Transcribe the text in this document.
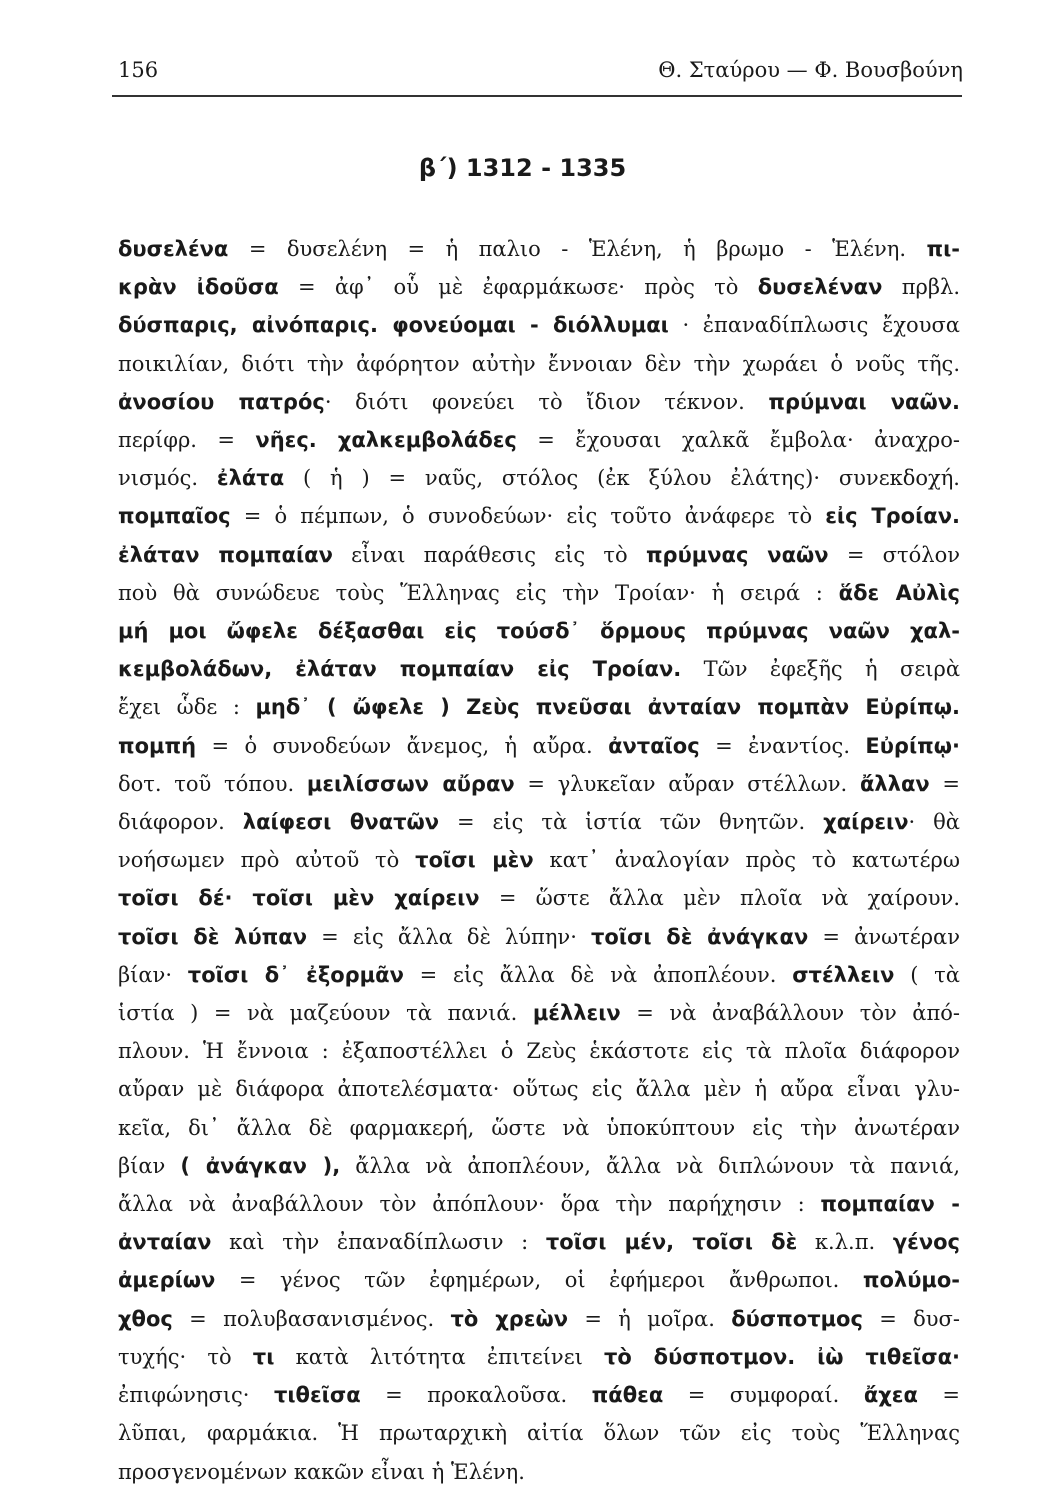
156	Θ. Σταύρου — Φ. Βουσβούνη
β΄) 1312 - 1335
δυσελένα = δυσελένη = ἡ παλιο - Ἑλένη, ἡ βρωμο - Ἑλένη. πι-
κρὰν ἰδοῦσα = ἀφ᾽ οὗ μὲ ἐφαρμάκωσε· πρὸς τὸ δυσελέναν πρβλ.
δύσπαρις, αἰνόπαρις. φονεύομαι - διόλλυμαι · ἐπαναδίπλωσις ἔχουσα
ποικιλίαν, διότι τὴν ἀφόρητον αὐτὴν ἔννοιαν δὲν τὴν χωράει ὁ νοῦς τῆς.
ἀνοσίου πατρός· διότι φονεύει τὸ ἴδιον τέκνον. πρύμναι ναῶν.
περίφρ. = νῆες. χαλκεμβολάδες = ἔχουσαι χαλκᾶ ἔμβολα· ἀναχρο-
νισμός. ἐλάτα ( ἡ ) = ναῦς, στόλος (ἐκ ξύλου ἐλάτης)· συνεκδοχή.
πομπαῖος = ὁ πέμπων, ὁ συνοδεύων· εἰς τοῦτο ἀνάφερε τὸ εἰς Τροίαν.
ἐλάταν πομπαίαν εἶναι παράθεσις εἰς τὸ πρύμνας ναῶν = στόλον
ποὺ θὰ συνώδευε τοὺς Ἕλληνας εἰς τὴν Τροίαν· ἡ σειρά : ἅδε Αὐλὶς
μή μοι ὤφελε δέξασθαι εἰς τούσδ᾽ ὅρμους πρύμνας ναῶν χαλ-
κεμβολάδων, ἐλάταν πομπαίαν εἰς Τροίαν. Τῶν ἐφεξῆς ἡ σειρὰ
ἔχει ὧδε : μηδ᾽ ( ὤφελε ) Ζεὺς πνεῦσαι ἀνταίαν πομπὰν Εὐρίπῳ.
πομπή = ὁ συνοδεύων ἄνεμος, ἡ αὔρα. ἀνταῖος = ἐναντίος. Εὐρίπῳ·
δοτ. τοῦ τόπου. μειλίσσων αὔραν = γλυκεῖαν αὔραν στέλλων. ἄλλαν =
διάφορον. λαίφεσι θνατῶν = εἰς τὰ ἱστία τῶν θνητῶν. χαίρειν· θὰ
νοήσωμεν πρὸ αὐτοῦ τὸ τοῖσι μὲν κατ᾽ ἀναλογίαν πρὸς τὸ κατωτέρω
τοῖσι δέ· τοῖσι μὲν χαίρειν = ὥστε ἄλλα μὲν πλοῖα νὰ χαίρουν.
τοῖσι δὲ λύπαν = εἰς ἄλλα δὲ λύπην· τοῖσι δὲ ἀνάγκαν = ἀνωτέραν
βίαν· τοῖσι δ᾽ ἐξορμᾶν = εἰς ἄλλα δὲ νὰ ἀποπλέουν. στέλλειν ( τὰ
ἱστία ) = νὰ μαζεύουν τὰ πανιά. μέλλειν = νὰ ἀναβάλλουν τὸν ἀπό-
πλουν. Ἡ ἔννοια : ἐξαποστέλλει ὁ Ζεὺς ἑκάστοτε εἰς τὰ πλοῖα διάφορον
αὔραν μὲ διάφορα ἀποτελέσματα· οὕτως εἰς ἄλλα μὲν ἡ αὔρα εἶναι γλυ-
κεῖα, δι᾽ ἄλλα δὲ φαρμακερή, ὥστε νὰ ὑποκύπτουν εἰς τὴν ἀνωτέραν
βίαν ( ἀνάγκαν ), ἄλλα νὰ ἀποπλέουν, ἄλλα νὰ διπλώνουν τὰ πανιά,
ἄλλα νὰ ἀναβάλλουν τὸν ἀπόπλουν· ὅρα τὴν παρήχησιν : πομπαίαν -
ἀνταίαν καὶ τὴν ἐπαναδίπλωσιν : τοῖσι μέν, τοῖσι δὲ κ.λ.π. γένος
ἀμερίων = γένος τῶν ἐφημέρων, οἱ ἐφήμεροι ἄνθρωποι. πολύμο-
χθος = πολυβασανισμένος. τὸ χρεὼν = ἡ μοῖρα. δύσποτμος = δυσ-
τυχής· τὸ τι κατὰ λιτότητα ἐπιτείνει τὸ δύσποτμον. ἰὼ τιθεῖσα·
ἐπιφώνησις· τιθεῖσα = προκαλοῦσα. πάθεα = συμφοραί. ἄχεα =
λῦπαι, φαρμάκια. Ἡ πρωταρχικὴ αἰτία ὅλων τῶν εἰς τοὺς Ἕλληνας
προσγενομένων κακῶν εἶναι ἡ Ἑλένη.
